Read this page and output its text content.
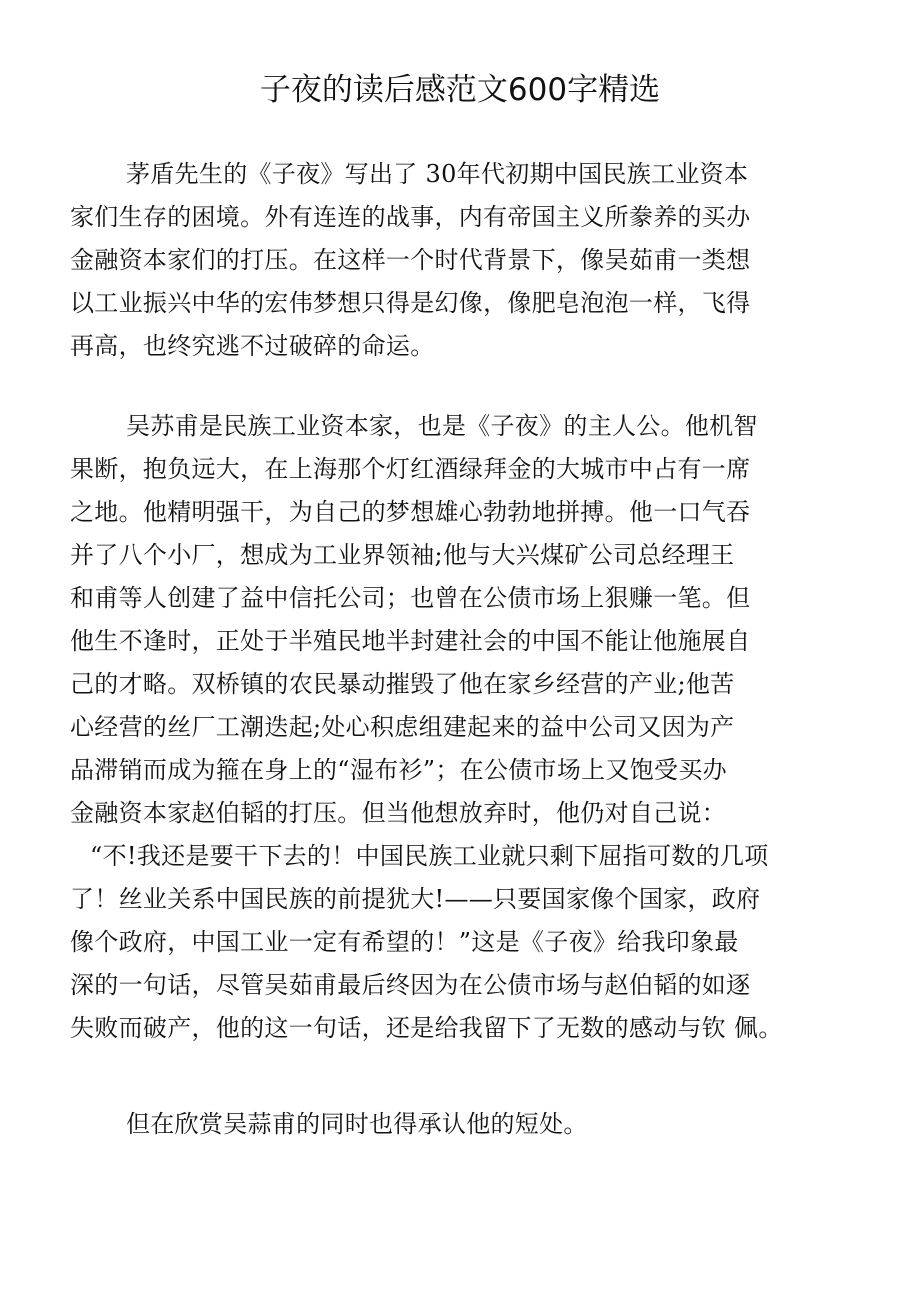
子夜的读后感范文600字精选
茅盾先生的《子夜》写出了 30年代初期中国民族工业资本
家们生存的困境。外有连连的战事，内有帝国主义所豢养的买办
金融资本家们的打压。在这样一个时代背景下，像吴茹甫一类想
以工业振兴中华的宏伟梦想只得是幻像，像肥皂泡泡一样，飞得
再高，也终究逃不过破碎的命运。
吴苏甫是民族工业资本家，也是《子夜》的主人公。他机智
果断，抱负远大，在上海那个灯红酒绿拜金的大城市中占有一席
之地。他精明强干，为自己的梦想雄心勃勃地拼搏。他一口气吞
并了八个小厂，想成为工业界领袖;他与大兴煤矿公司总经理王
和甫等人创建了益中信托公司；也曾在公债市场上狠赚一笔。但
他生不逢时，正处于半殖民地半封建社会的中国不能让他施展自
己的才略。双桥镇的农民暴动摧毁了他在家乡经营的产业;他苦
心经营的丝厂工潮迭起;处心积虑组建起来的益中公司又因为产
品滞销而成为箍在身上的“湿布衫”；在公债市场上又饱受买办
金融资本家赵伯韬的打压。但当他想放弃时，他仍对自己说：
“不!我还是要干下去的！中国民族工业就只剩下屈指可数的几项
了！丝业关系中国民族的前提犹大!——只要国家像个国家，政府
像个政府，中国工业一定有希望的！”这是《子夜》给我印象最
深的一句话，尽管吴茹甫最后终因为在公债市场与赵伯韬的如逐
失败而破产，他的这一句话，还是给我留下了无数的感动与钦 佩。
但在欣赏吴蒜甫的同时也得承认他的短处。
